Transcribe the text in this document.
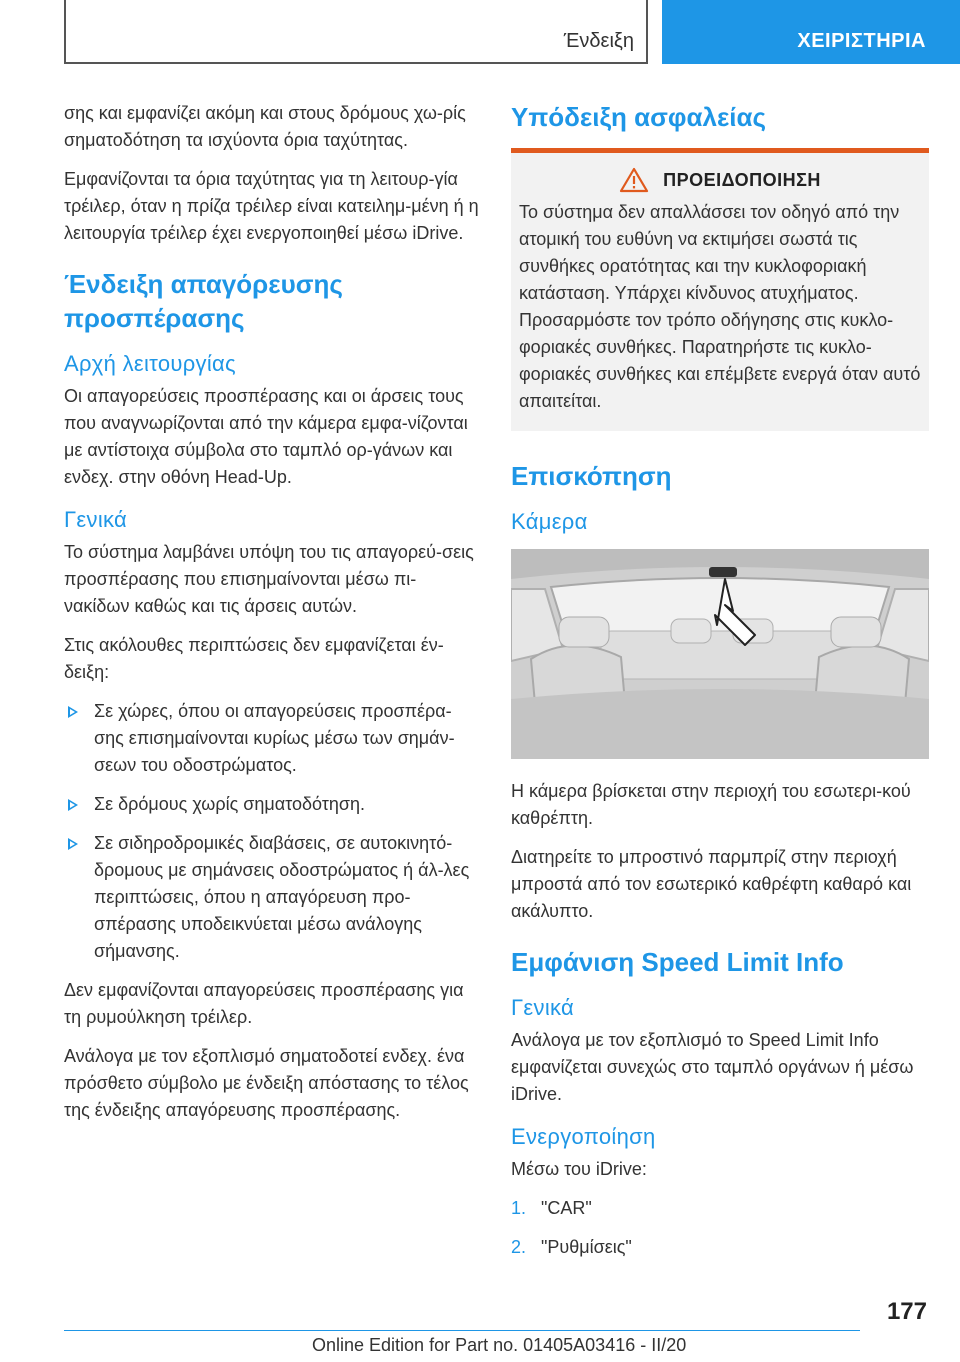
Ένδειξη	ΧΕΙΡΙΣΤΗΡΙΑ

σης και εμφανίζει ακόμη και στους δρόμους χω-ρίς σηματοδότηση τα ισχύοντα όρια ταχύτητας.

Εμφανίζονται τα όρια ταχύτητας για τη λειτουρ-γία τρέιλερ, όταν η πρίζα τρέιλερ είναι κατειλημ-μένη ή η λειτουργία τρέιλερ έχει ενεργοποιηθεί μέσω iDrive.

Ένδειξη απαγόρευσης προσπέρασης
Αρχή λειτουργίας

Οι απαγορεύσεις προσπέρασης και οι άρσεις τους που αναγνωρίζονται από την κάμερα εμφα-νίζονται με αντίστοιχα σύμβολα στο ταμπλό ορ-γάνων και ενδεχ. στην οθόνη Head-Up.

Γενικά

Το σύστημα λαμβάνει υπόψη του τις απαγορεύ-σεις προσπέρασης που επισημαίνονται μέσω πι-νακίδων καθώς και τις άρσεις αυτών.

Στις ακόλουθες περιπτώσεις δεν εμφανίζεται έν-δειξη:

Σε χώρες, όπου οι απαγορεύσεις προσπέρα-σης επισημαίνονται κυρίως μέσω των σημάν-σεων του οδοστρώματος.
Σε δρόμους χωρίς σηματοδότηση.
Σε σιδηροδρομικές διαβάσεις, σε αυτοκινητό-δρομους με σημάνσεις οδοστρώματος ή άλ-λες περιπτώσεις, όπου η απαγόρευση προ-σπέρασης υποδεικνύεται μέσω ανάλογης σήμανσης.

Δεν εμφανίζονται απαγορεύσεις προσπέρασης για τη ρυμούλκηση τρέιλερ.

Ανάλογα με τον εξοπλισμό σηματοδοτεί ενδεχ. ένα πρόσθετο σύμβολο με ένδειξη απόστασης το τέλος της ένδειξης απαγόρευσης προσπέρασης.

Υπόδειξη ασφαλείας
ΠΡΟΕΙΔΟΠΟΙΗΣΗ

Το σύστημα δεν απαλλάσσει τον οδηγό από την ατομική του ευθύνη να εκτιμήσει σωστά τις συνθήκες ορατότητας και την κυκλοφοριακή κατάσταση. Υπάρχει κίνδυνος ατυχήματος. Προσαρμόστε τον τρόπο οδήγησης στις κυκλο-φοριακές συνθήκες. Παρατηρήστε τις κυκλο-φοριακές συνθήκες και επέμβετε ενεργά όταν αυτό απαιτείται.

Επισκόπηση
Κάμερα

Η κάμερα βρίσκεται στην περιοχή του εσωτερι-κού καθρέπτη.

Διατηρείτε το μπροστινό παρμπρίζ στην περιοχή μπροστά από τον εσωτερικό καθρέφτη καθαρό και ακάλυπτο.

Εμφάνιση Speed Limit Info
Γενικά

Ανάλογα με τον εξοπλισμό το Speed Limit Info εμφανίζεται συνεχώς στο ταμπλό οργάνων ή μέσω iDrive.

Ενεργοποίηση

Μέσω του iDrive:

1. "CAR"
2. "Ρυθμίσεις"
177
Online Edition for Part no. 01405A03416 - II/20
